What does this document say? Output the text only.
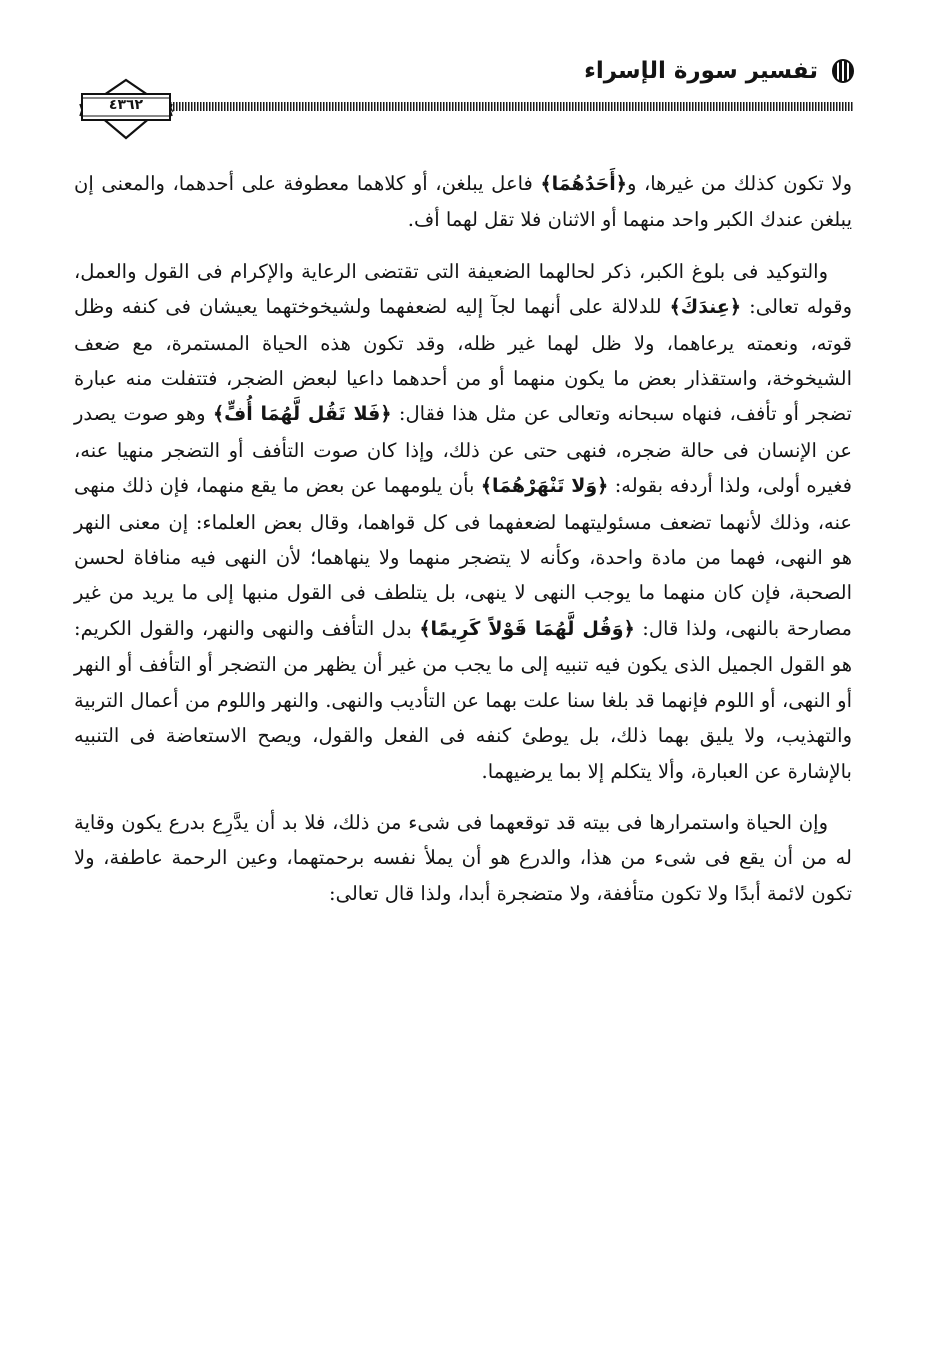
تفسير سورة الإسراء
٤٣٦٢

ولا تكون كذلك من غيرها، و﴿أَحَدُهُمَا﴾ فاعل يبلغن، أو كلاهما معطوفة على أحدهما، والمعنى إن يبلغن عندك الكبر واحد منهما أو الاثنان فلا تقل لهما أف.

والتوكيد فى بلوغ الكبر، ذكر لحالهما الضعيفة التى تقتضى الرعاية والإكرام فى القول والعمل، وقوله تعالى: ﴿عِندَكَ﴾ للدلالة على أنهما لجآ إليه لضعفهما ولشيخوختهما يعيشان فى كنفه وظل قوته، ونعمته يرعاهما، ولا ظل لهما غير ظله، وقد تكون هذه الحياة المستمرة، مع ضعف الشيخوخة، واستقذار بعض ما يكون منهما أو من أحدهما داعيا لبعض الضجر، فتتفلت منه عبارة تضجر أو تأفف، فنهاه سبحانه وتعالى عن مثل هذا فقال: ﴿فَلا تَقُل لَّهُمَا أُفٍّ﴾ وهو صوت يصدر عن الإنسان فى حالة ضجره، فنهى حتى عن ذلك، وإذا كان صوت التأفف أو التضجر منهيا عنه، فغيره أولى، ولذا أردفه بقوله: ﴿وَلا تَنْهَرْهُمَا﴾ بأن يلومهما عن بعض ما يقع منهما، فإن ذلك منهى عنه، وذلك لأنهما تضعف مسئوليتهما لضعفهما فى كل قواهما، وقال بعض العلماء: إن معنى النهر هو النهى، فهما من مادة واحدة، وكأنه لا يتضجر منهما ولا ينهاهما؛ لأن النهى فيه منافاة لحسن الصحبة، فإن كان منهما ما يوجب النهى لا ينهى، بل يتلطف فى القول منبها إلى ما يريد من غير مصارحة بالنهى، ولذا قال: ﴿وَقُل لَّهُمَا قَوْلاً كَرِيمًا﴾ بدل التأفف والنهى والنهر، والقول الكريم: هو القول الجميل الذى يكون فيه تنبيه إلى ما يجب من غير أن يظهر من التضجر أو التأفف أو النهر أو النهى، أو اللوم فإنهما قد بلغا سنا علت بهما عن التأديب والنهى. والنهر واللوم من أعمال التربية والتهذيب، ولا يليق بهما ذلك، بل يوطئ كنفه فى الفعل والقول، ويصح الاستعاضة فى التنبيه بالإشارة عن العبارة، وألا يتكلم إلا بما يرضيهما.

وإن الحياة واستمرارها فى بيته قد توقعهما فى شىء من ذلك، فلا بد أن يدَّرِع بدرع يكون وقاية له من أن يقع فى شىء من هذا، والدرع هو أن يملأ نفسه برحمتهما، وعين الرحمة عاطفة، ولا تكون لائمة أبدًا ولا تكون متأففة، ولا متضجرة أبدا، ولذا قال تعالى:
